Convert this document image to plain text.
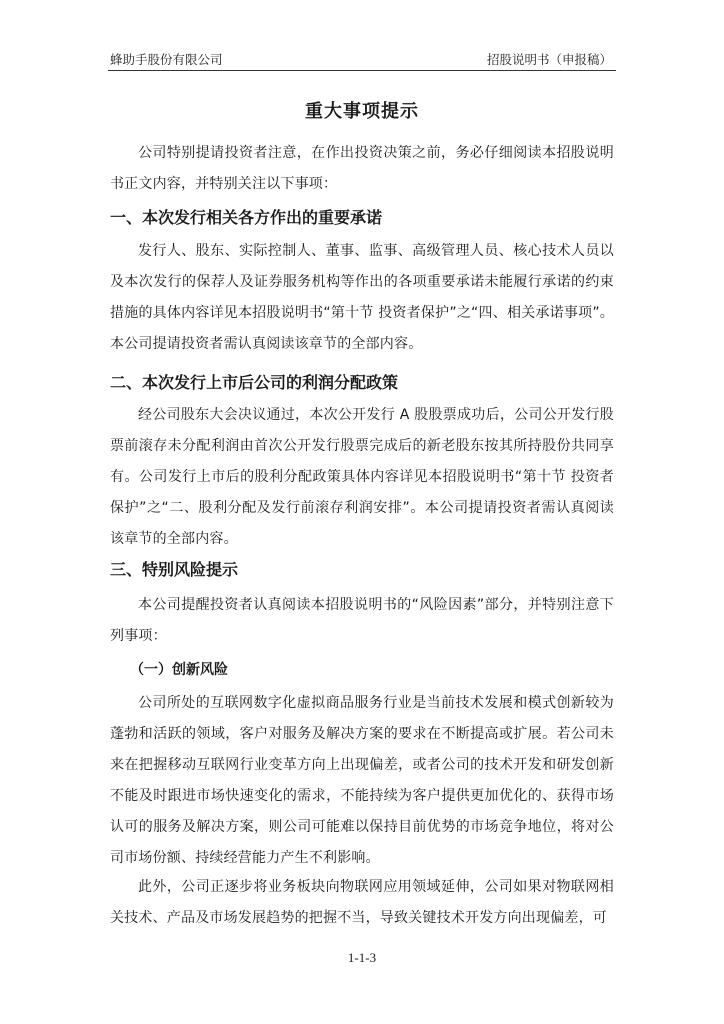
蜂助手股份有限公司	招股说明书（申报稿）
重大事项提示
公司特别提请投资者注意，在作出投资决策之前，务必仔细阅读本招股说明书正文内容，并特别关注以下事项：
一、本次发行相关各方作出的重要承诺
发行人、股东、实际控制人、董事、监事、高级管理人员、核心技术人员以及本次发行的保荐人及证券服务机构等作出的各项重要承诺未能履行承诺的约束措施的具体内容详见本招股说明书“第十节 投资者保护”之“四、相关承诺事项”。本公司提请投资者需认真阅读该章节的全部内容。
二、本次发行上市后公司的利润分配政策
经公司股东大会决议通过，本次公开发行 A 股股票成功后，公司公开发行股票前滚存未分配利润由首次公开发行股票完成后的新老股东按其所持股份共同享有。公司发行上市后的股利分配政策具体内容详见本招股说明书“第十节 投资者保护”之“二、股利分配及发行前滚存利润安排”。本公司提请投资者需认真阅读该章节的全部内容。
三、特别风险提示
本公司提醒投资者认真阅读本招股说明书的“风险因素”部分，并特别注意下列事项：
（一）创新风险
公司所处的互联网数字化虚拟商品服务行业是当前技术发展和模式创新较为蓬勃和活跃的领域，客户对服务及解决方案的要求在不断提高或扩展。若公司未来在把握移动互联网行业变革方向上出现偏差，或者公司的技术开发和研发创新不能及时跟进市场快速变化的需求，不能持续为客户提供更加优化的、获得市场认可的服务及解决方案，则公司可能难以保持目前优势的市场竞争地位，将对公司市场份额、持续经营能力产生不利影响。
此外，公司正逐步将业务板块向物联网应用领域延伸，公司如果对物联网相关技术、产品及市场发展趋势的把握不当，导致关键技术开发方向出现偏差，可
1-1-3
